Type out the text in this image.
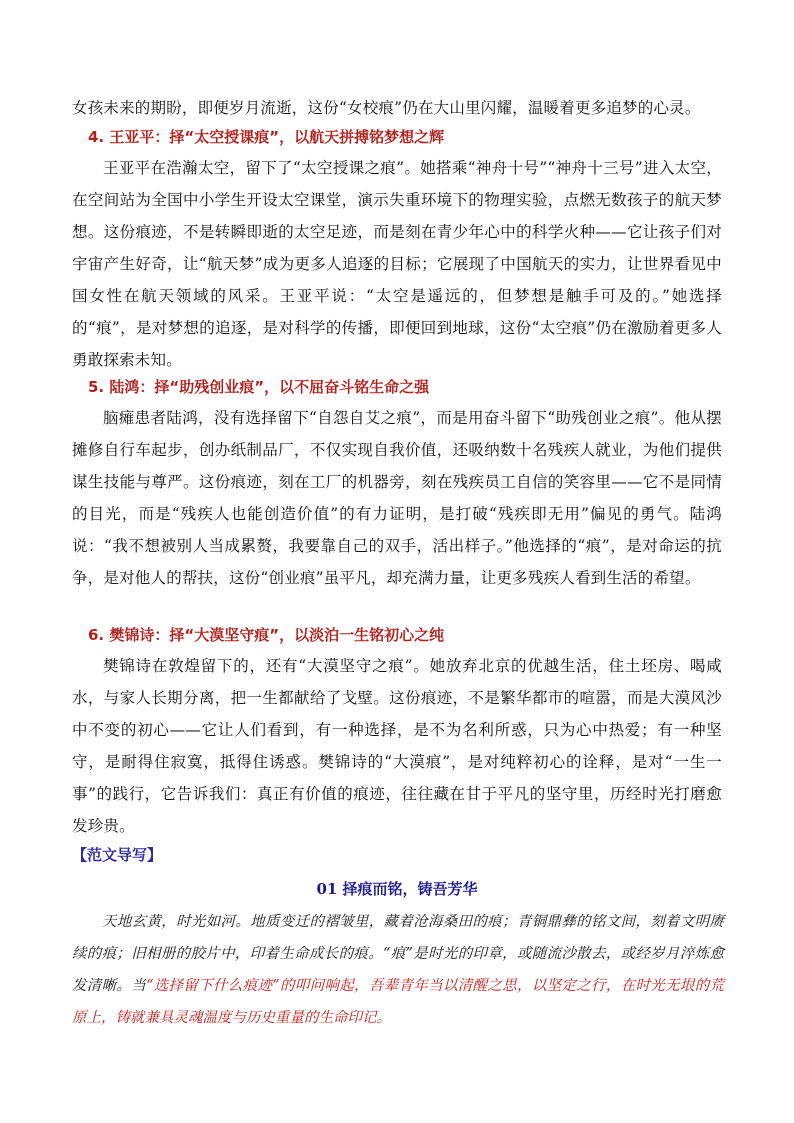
女孩未来的期盼，即便岁月流逝，这份“女校痕”仍在大山里闪耀，温暖着更多追梦的心灵。

4. 王亚平：择“太空授课痕”，以航天拼搏铭梦想之辉

王亚平在浩瀚太空，留下了“太空授课之痕”。她搭乘“神舟十号”“神舟十三号”进入太空，在空间站为全国中小学生开设太空课堂，演示失重环境下的物理实验，点燃无数孩子的航天梦想。这份痕迹，不是转瞬即逝的太空足迹，而是刻在青少年心中的科学火种——它让孩子们对宇宙产生好奇，让“航天梦”成为更多人追逐的目标；它展现了中国航天的实力，让世界看见中国女性在航天领域的风采。王亚平说：“太空是遥远的，但梦想是触手可及的。”她选择的“痕”，是对梦想的追逐，是对科学的传播，即便回到地球，这份“太空痕”仍在激励着更多人勇敢探索未知。

5. 陆鸿：择“助残创业痕”，以不屈奋斗铭生命之强

脑瘫患者陆鸿，没有选择留下“自怨自艾之痕”，而是用奋斗留下“助残创业之痕”。他从摆摊修自行车起步，创办纸制品厂，不仅实现自我价值，还吸纳数十名残疾人就业，为他们提供谋生技能与尊严。这份痕迹，刻在工厂的机器旁，刻在残疾员工自信的笑容里——它不是同情的目光，而是“残疾人也能创造价值”的有力证明，是打破“残疾即无用”偏见的勇气。陆鸿说：“我不想被别人当成累赘，我要靠自己的双手，活出样子。”他选择的“痕”，是对命运的抗争，是对他人的帮扶，这份“创业痕”虽平凡，却充满力量，让更多残疾人看到生活的希望。

6. 樊锦诗：择“大漠坚守痕”，以淡泊一生铭初心之纯

樊锦诗在敦煌留下的，还有“大漠坚守之痕”。她放弃北京的优越生活，住土坯房、喝咸水，与家人长期分离，把一生都献给了戈壁。这份痕迹，不是繁华都市的喧嚣，而是大漠风沙中不变的初心——它让人们看到，有一种选择，是不为名利所惑，只为心中热爱；有一种坚守，是耐得住寂寞，抵得住诱惑。樊锦诗的“大漠痕”，是对纯粹初心的诠释，是对“一生一事”的践行，它告诉我们：真正有价值的痕迹，往往藏在甘于平凡的坚守里，历经时光打磨愈发珍贵。

【范文导写】
01 择痕而铭，铸吾芳华

天地玄黄，时光如河。地质变迁的褶皱里，藏着沧海桑田的痕；青铜鼎彝的铭文间，刻着文明赓续的痕；旧相册的胶片中，印着生命成长的痕。“痕”是时光的印章，或随流沙散去，或经岁月淬炼愈发清晰。当“选择留下什么痕迹”的叩问响起，吾辈青年当以清醒之思，以坚定之行，在时光无垠的荒原上，铸就兼具灵魂温度与历史重量的生命印记。
